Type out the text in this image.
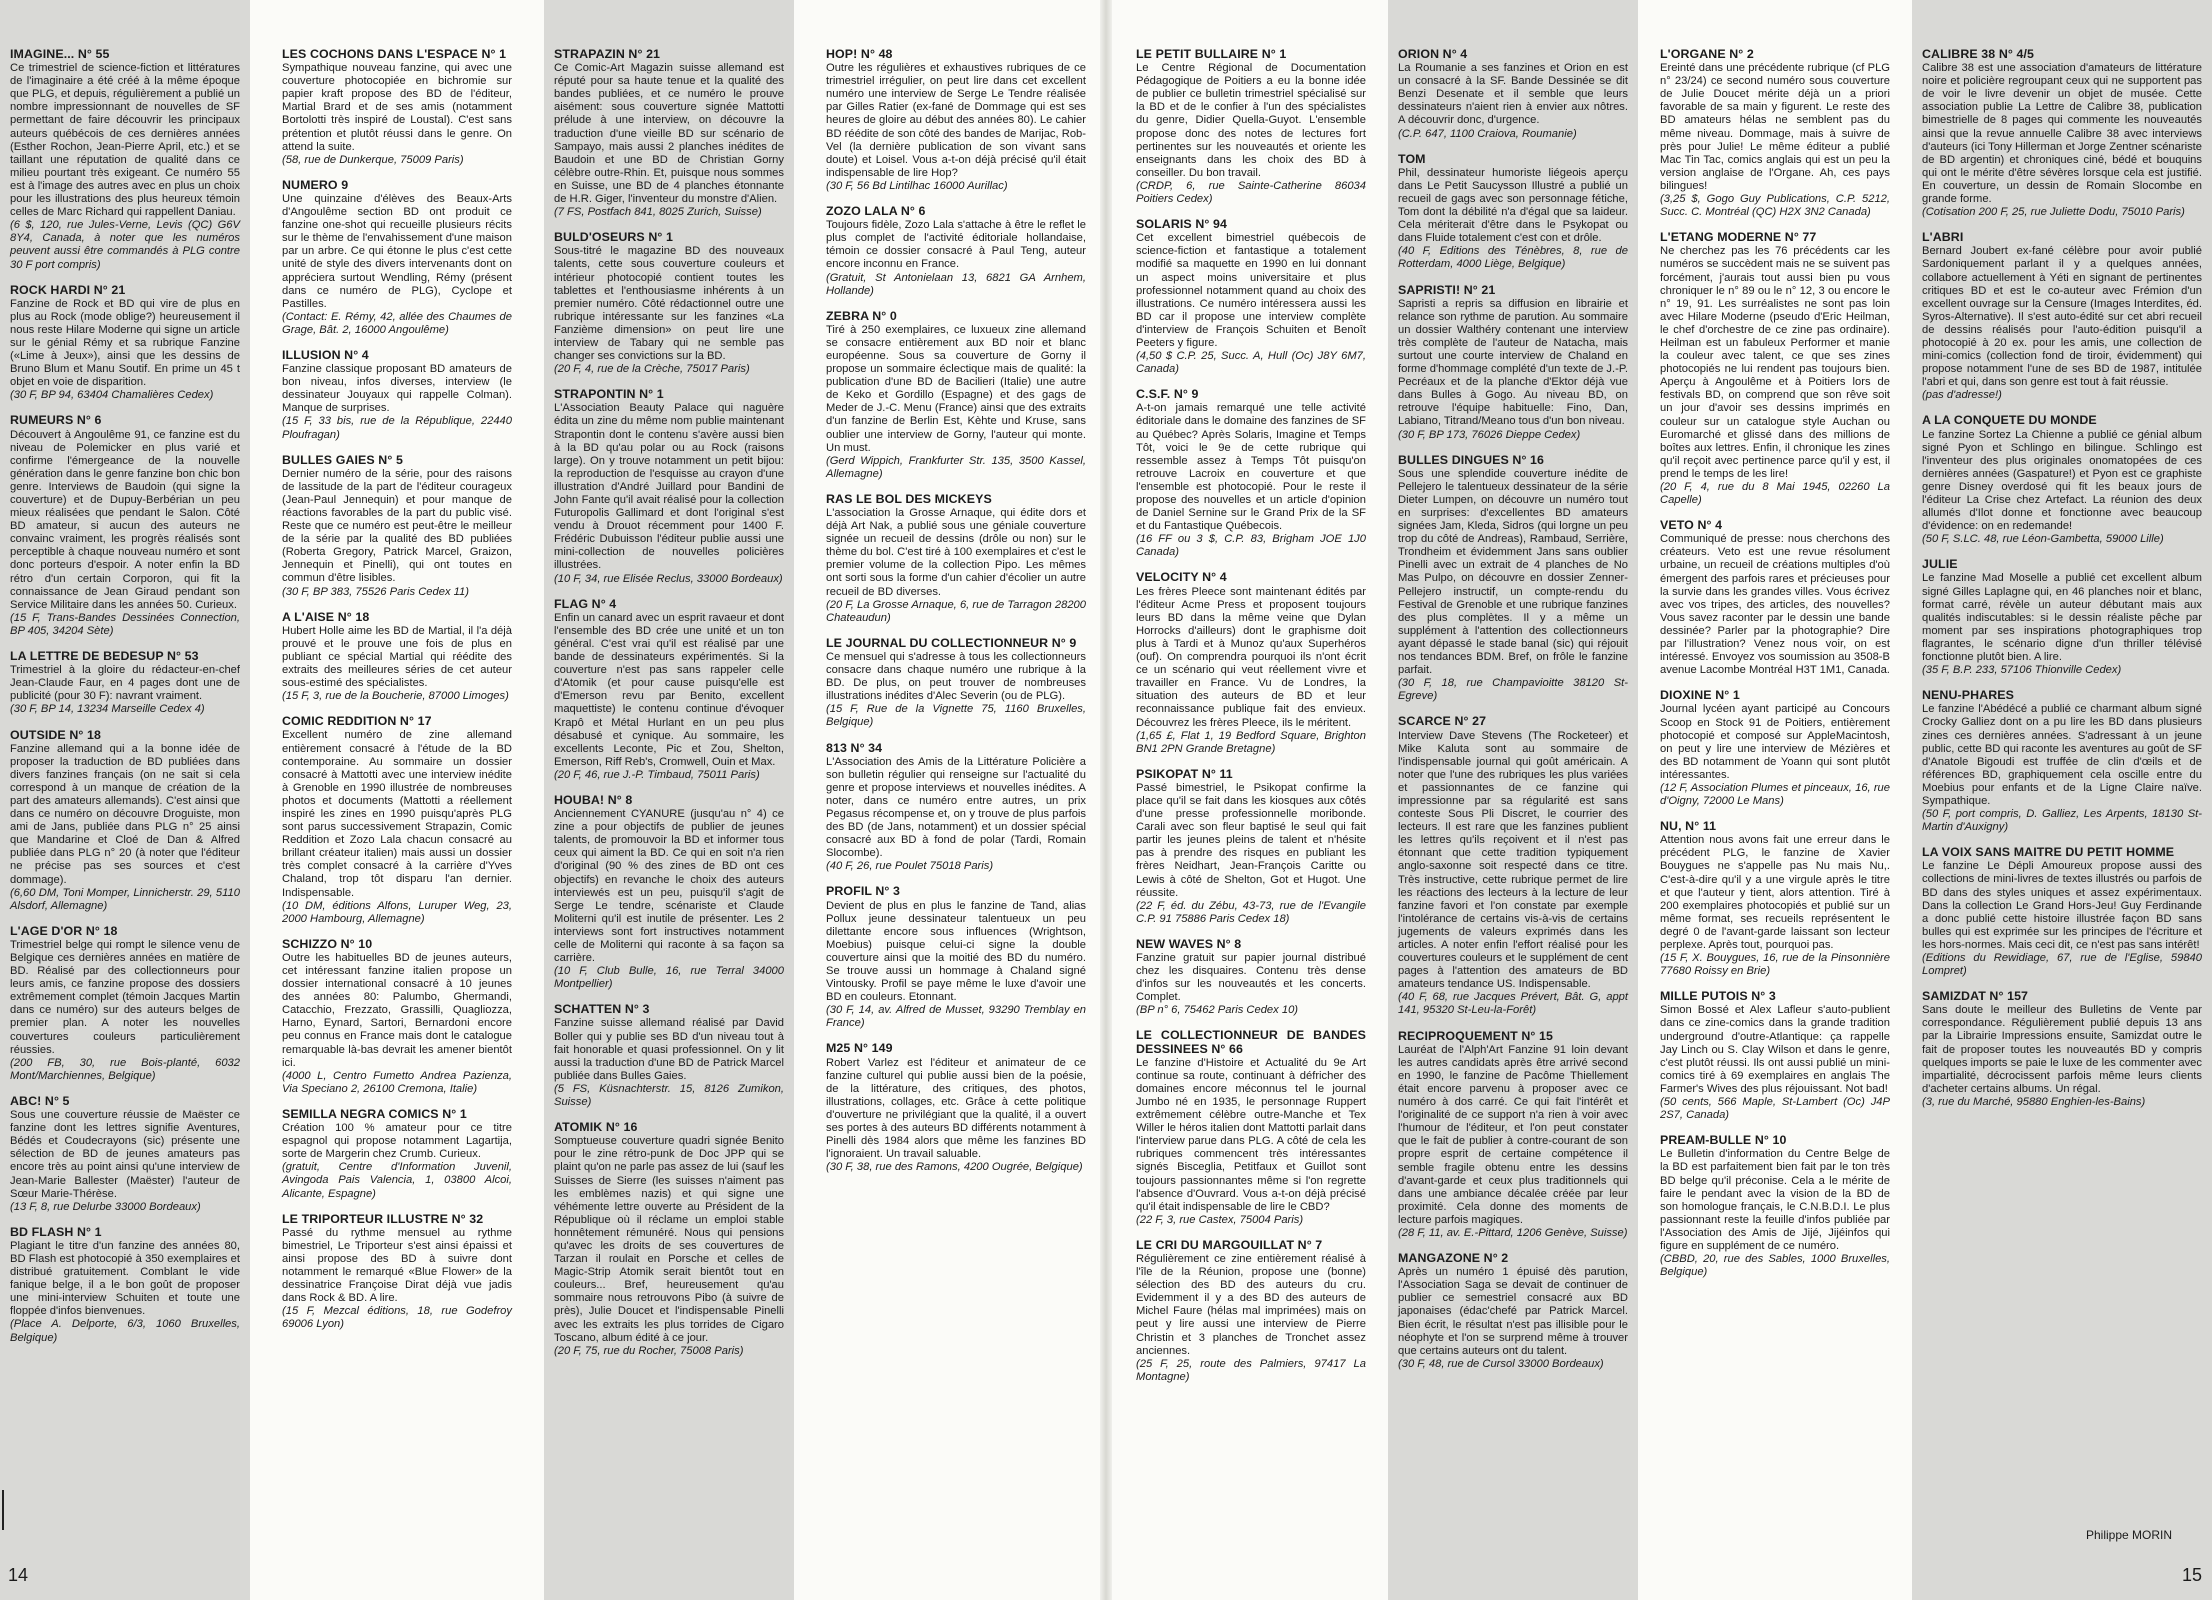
IMAGINE... N° 55
Ce trimestriel de science-fiction et littératures de l'imaginaire a été créé à la même époque que PLG, et depuis, régulièrement a publié un nombre impressionnant de nouvelles de SF permettant de faire découvrir les principaux auteurs québécois de ces dernières années (Esther Rochon, Jean-Pierre April, etc.) et se taillant une réputation de qualité dans ce milieu pourtant très exigeant. Ce numéro 55 est à l'image des autres avec en plus un choix pour les illustrations des plus heureux témoin celles de Marc Richard qui rappellent Daniau.
(6 $, 120, rue Jules-Verne, Levis (QC) G6V 8Y4, Canada, à noter que les numéros peuvent aussi être commandés à PLG contre 30 F port compris)
ROCK HARDI N° 21
Fanzine de Rock et BD qui vire de plus en plus au Rock (mode oblige?) heureusement il nous reste Hilare Moderne qui signe un article sur le génial Rémy et sa rubrique Fanzine («Lime à Jeux»), ainsi que les dessins de Bruno Blum et Manu Soutif. En prime un 45 t objet en voie de disparition.
(30 F, BP 94, 63404 Chamalières Cedex)
RUMEURS N° 6
Découvert à Angoulême 91, ce fanzine est du niveau de Polemicker en plus varié et confirme l'émergeance de la nouvelle génération dans le genre fanzine bon chic bon genre. Interviews de Baudoin (qui signe la couverture) et de Dupuy-Berbérian un peu mieux réalisées que pendant le Salon. Côté BD amateur, si aucun des auteurs ne convainc vraiment, les progrès réalisés sont perceptible à chaque nouveau numéro et sont donc porteurs d'espoir. A noter enfin la BD rétro d'un certain Corporon, qui fit la connaissance de Jean Giraud pendant son Service Militaire dans les années 50. Curieux.
(15 F, Trans-Bandes Dessinées Connection, BP 405, 34204 Sète)
LA LETTRE DE BEDESUP N° 53
Trimestriel à la gloire du rédacteur-en-chef Jean-Claude Faur, en 4 pages dont une de publicité (pour 30 F): navrant vraiment.
(30 F, BP 14, 13234 Marseille Cedex 4)
OUTSIDE N° 18
Fanzine allemand qui a la bonne idée de proposer la traduction de BD publiées dans divers fanzines français (on ne sait si cela correspond à un manque de création de la part des amateurs allemands). C'est ainsi que dans ce numéro on découvre Droguiste, mon ami de Jans, publiée dans PLG n° 25 ainsi que Mandarine et Cloé de Dan & Alfred publiée dans PLG n° 20 (à noter que l'éditeur ne précise pas ses sources et c'est dommage).
(6,60 DM, Toni Momper, Linnicherstr. 29, 5110 Alsdorf, Allemagne)
L'AGE D'OR N° 18
Trimestriel belge qui rompt le silence venu de Belgique ces dernières années en matière de BD. Réalisé par des collectionneurs pour leurs amis, ce fanzine propose des dossiers extrêmement complet (témoin Jacques Martin dans ce numéro) sur des auteurs belges de premier plan. A noter les nouvelles couvertures couleurs particulièrement réussies.
(200 FB, 30, rue Bois-planté, 6032 Mont/Marchiennes, Belgique)
ABC! N° 5
Sous une couverture réussie de Maëster ce fanzine dont les lettres signifie Aventures, Bédés et Coudecrayons (sic) présente une sélection de BD de jeunes amateurs pas encore très au point ainsi qu'une interview de Jean-Marie Ballester (Maëster) l'auteur de Sœur Marie-Thérèse.
(13 F, 8, rue Delurbe 33000 Bordeaux)
BD FLASH N° 1
Plagiant le titre d'un fanzine des années 80, BD Flash est photocopié à 350 exemplaires et distribué gratuitement. Comblant le vide fanique belge, il a le bon goût de proposer une mini-interview Schuiten et toute une floppée d'infos bienvenues.
(Place A. Delporte, 6/3, 1060 Bruxelles, Belgique)
LES COCHONS DANS L'ESPACE N° 1
Sympathique nouveau fanzine, qui avec une couverture photocopiée en bichromie sur papier kraft propose des BD de l'éditeur, Martial Brard et de ses amis (notamment Bortolotti très inspiré de Loustal). C'est sans prétention et plutôt réussi dans le genre. On attend la suite.
(58, rue de Dunkerque, 75009 Paris)
NUMERO 9
Une quinzaine d'élèves des Beaux-Arts d'Angoulême section BD ont produit ce fanzine one-shot qui recueille plusieurs récits sur le thème de l'envahissement d'une maison par un arbre. Ce qui étonne le plus c'est cette unité de style des divers intervenants dont on appréciera surtout Wendling, Rémy (présent dans ce numéro de PLG), Cyclope et Pastilles.
(Contact: E. Rémy, 42, allée des Chaumes de Grage, Bât. 2, 16000 Angoulême)
ILLUSION N° 4
Fanzine classique proposant BD amateurs de bon niveau, infos diverses, interview (le dessinateur Jouyaux qui rappelle Colman). Manque de surprises.
(15 F, 33 bis, rue de la République, 22440 Ploufragan)
BULLES GAIES N° 5
Dernier numéro de la série, pour des raisons de lassitude de la part de l'éditeur courageux (Jean-Paul Jennequin) et pour manque de réactions favorables de la part du public visé. Reste que ce numéro est peut-être le meilleur de la série par la qualité des BD publiées (Roberta Gregory, Patrick Marcel, Graizon, Jennequin et Pinelli), qui ont toutes en commun d'être lisibles.
(30 F, BP 383, 75526 Paris Cedex 11)
A L'AISE N° 18
Hubert Holle aime les BD de Martial, il l'a déjà prouvé et le prouve une fois de plus en publiant ce spécial Martial qui réédite des extraits des meilleures séries de cet auteur sous-estimé des spécialistes.
(15 F, 3, rue de la Boucherie, 87000 Limoges)
COMIC REDDITION N° 17
Excellent numéro de zine allemand entièrement consacré à l'étude de la BD contemporaine. Au sommaire un dossier consacré à Mattotti avec une interview inédite à Grenoble en 1990 illustrée de nombreuses photos et documents (Mattotti a réellement inspiré les zines en 1990 puisqu'après PLG sont parus successivement Strapazin, Comic Reddition et Zozo Lala chacun consacré au brillant créateur italien) mais aussi un dossier très complet consacré à la carrière d'Yves Chaland, trop tôt disparu l'an dernier. Indispensable.
(10 DM, éditions Alfons, Luruper Weg, 23, 2000 Hambourg, Allemagne)
SCHIZZO N° 10
Outre les habituelles BD de jeunes auteurs, cet intéressant fanzine italien propose un dossier international consacré à 10 jeunes des années 80: Palumbo, Ghermandi, Catacchio, Frezzato, Grassilli, Quagliozza, Harno, Eynard, Sartori, Bernardoni encore peu connus en France mais dont le catalogue remarquable là-bas devrait les amener bientôt ici.
(4000 L, Centro Fumetto Andrea Pazienza, Via Speciano 2, 26100 Cremona, Italie)
SEMILLA NEGRA COMICS N° 1
Création 100 % amateur pour ce titre espagnol qui propose notamment Lagartija, sorte de Margerin chez Crumb. Curieux.
(gratuit, Centre d'Information Juvenil, Avingoda Pais Valencia, 1, 03800 Alcoi, Alicante, Espagne)
LE TRIPORTEUR ILLUSTRE N° 32
Passé du rythme mensuel au rythme bimestriel, Le Triporteur s'est ainsi épaissi et ainsi propose des BD à suivre dont notamment le remarqué «Blue Flower» de la dessinatrice Françoise Dirat déjà vue jadis dans Rock & BD. A lire.
(15 F, Mezcal éditions, 18, rue Godefroy 69006 Lyon)
STRAPAZIN N° 21
Ce Comic-Art Magazin suisse allemand est réputé pour sa haute tenue et la qualité des bandes publiées, et ce numéro le prouve aisément: sous couverture signée Mattotti prélude à une interview, on découvre la traduction d'une vieille BD sur scénario de Sampayo, mais aussi 2 planches inédites de Baudoin et une BD de Christian Gorny célèbre outre-Rhin. Et, puisque nous sommes en Suisse, une BD de 4 planches étonnante de H.R. Giger, l'inventeur du monstre d'Alien.
(7 FS, Postfach 841, 8025 Zurich, Suisse)
BULD'OSEURS N° 1
Sous-titré le magazine BD des nouveaux talents, cette sous couverture couleurs et intérieur photocopié contient toutes les tablettes et l'enthousiasme inhérents à un premier numéro. Côté rédactionnel outre une rubrique intéressante sur les fanzines «La Fanzième dimension» on peut lire une interview de Tabary qui ne semble pas changer ses convictions sur la BD.
(20 F, 4, rue de la Crèche, 75017 Paris)
STRAPONTIN N° 1
L'Association Beauty Palace qui naguère édita un zine du même nom publie maintenant Strapontin dont le contenu s'avère aussi bien à la BD qu'au polar ou au Rock (raisons large). On y trouve notamment un petit bijou: la reproduction de l'esquisse au crayon d'une illustration d'André Juillard pour Bandini de John Fante qu'il avait réalisé pour la collection Futuropolis Gallimard et dont l'original s'est vendu à Drouot récemment pour 1400 F. Frédéric Dubuisson l'éditeur publie aussi une mini-collection de nouvelles policières illustrées.
(10 F, 34, rue Elisée Reclus, 33000 Bordeaux)
FLAG N° 4
Enfin un canard avec un esprit ravaeur et dont l'ensemble des BD crée une unité et un ton général. C'est vrai qu'il est réalisé par une bande de dessinateurs expérimentés. Si la couverture n'est pas sans rappeler celle d'Atomik (et pour cause puisqu'elle est d'Emerson revu par Benito, excellent maquettiste) le contenu continue d'évoquer Krapô et Métal Hurlant en un peu plus désabusé et cynique. Au sommaire, les excellents Leconte, Pic et Zou, Shelton, Emerson, Riff Reb's, Cromwell, Ouin et Max.
(20 F, 46, rue J.-P. Timbaud, 75011 Paris)
HOUBA! N° 8
Anciennement CYANURE (jusqu'au n° 4) ce zine a pour objectifs de publier de jeunes talents, de promouvoir la BD et informer tous ceux qui aiment la BD. Ce qui en soit n'a rien d'original (90 % des zines de BD ont ces objectifs) en revanche le choix des auteurs interviewés est un peu, puisqu'il s'agit de Serge Le tendre, scénariste et Claude Moliterni qu'il est inutile de présenter. Les 2 interviews sont fort instructives notamment celle de Moliterni qui raconte à sa façon sa carrière.
(10 F, Club Bulle, 16, rue Terral 34000 Montpellier)
SCHATTEN N° 3
Fanzine suisse allemand réalisé par David Boller qui y publie ses BD d'un niveau tout à fait honorable et quasi professionnel. On y lit aussi la traduction d'une BD de Patrick Marcel publiée dans Bulles Gaies.
(5 FS, Küsnachterstr. 15, 8126 Zumikon, Suisse)
ATOMIK N° 16
Somptueuse couverture quadri signée Benito pour le zine rétro-punk de Doc JPP qui se plaint qu'on ne parle pas assez de lui (sauf les Suisses de Sierre (les suisses n'aiment pas les emblèmes nazis) et qui signe une véhémente lettre ouverte au Président de la République où il réclame un emploi stable honnêtement rémunéré. Nous qui pensions qu'avec les droits de ses couvertures de Tarzan il roulait en Porsche et celles de Magic-Strip Atomik serait bientôt tout en couleurs... Bref, heureusement qu'au sommaire nous retrouvons Pibo (à suivre de près), Julie Doucet et l'indispensable Pinelli avec les extraits les plus torrides de Cigaro Toscano, album édité à ce jour.
(20 F, 75, rue du Rocher, 75008 Paris)
HOP! N° 48
Outre les régulières et exhaustives rubriques de ce trimestriel irrégulier, on peut lire dans cet excellent numéro une interview de Serge Le Tendre réalisée par Gilles Ratier (ex-fané de Dommage qui est ses heures de gloire au début des années 80). Le cahier BD réédite de son côté des bandes de Marijac, Rob-Vel (la dernière publication de son vivant sans doute) et Loisel. Vous a-t-on déjà précisé qu'il était indispensable de lire Hop?
(30 F, 56 Bd Lintilhac 16000 Aurillac)
ZOZO LALA N° 6
Toujours fidèle, Zozo Lala s'attache à être le reflet le plus complet de l'activité éditoriale hollandaise, témoin ce dossier consacré à Paul Teng, auteur encore inconnu en France.
(Gratuit, St Antonielaan 13, 6821 GA Arnhem, Hollande)
ZEBRA N° 0
Tiré à 250 exemplaires, ce luxueux zine allemand se consacre entièrement aux BD noir et blanc européenne. Sous sa couverture de Gorny il propose un sommaire éclectique mais de qualité: la publication d'une BD de Bacilieri (Italie) une autre de Keko et Gordillo (Espagne) et des gags de Meder de J.-C. Menu (France) ainsi que des extraits d'un fanzine de Berlin Est, Kèhte und Kruse, sans oublier une interview de Gorny, l'auteur qui monte. Un must.
(Gerd Wippich, Frankfurter Str. 135, 3500 Kassel, Allemagne)
RAS LE BOL DES MICKEYS
L'association la Grosse Arnaque, qui édite dors et déjà Art Nak, a publié sous une géniale couverture signée un recueil de dessins (drôle ou non) sur le thème du bol. C'est tiré à 100 exemplaires et c'est le premier volume de la collection Pipo. Les mêmes ont sorti sous la forme d'un cahier d'écolier un autre recueil de BD diverses.
(20 F, La Grosse Arnaque, 6, rue de Tarragon 28200 Chateaudun)
LE JOURNAL DU COLLECTIONNEUR N° 9
Ce mensuel qui s'adresse à tous les collectionneurs consacre dans chaque numéro une rubrique à la BD. De plus, on peut trouver de nombreuses illustrations inédites d'Alec Severin (ou de PLG).
(15 F, Rue de la Vignette 75, 1160 Bruxelles, Belgique)
813 N° 34
L'Association des Amis de la Littérature Policière a son bulletin régulier qui renseigne sur l'actualité du genre et propose interviews et nouvelles inédites. A noter, dans ce numéro entre autres, un prix Pegasus récompense et, on y trouve de plus parfois des BD (de Jans, notamment) et un dossier spécial consacré aux BD à fond de polar (Tardi, Romain Slocombe).
(40 F, 26, rue Poulet 75018 Paris)
PROFIL N° 3
Devient de plus en plus le fanzine de Tand, alias Pollux jeune dessinateur talentueux un peu dilettante encore sous influences (Wrightson, Moebius) puisque celui-ci signe la double couverture ainsi que la moitié des BD du numéro. Se trouve aussi un hommage à Chaland signé Vintousky. Profil se paye même le luxe d'avoir une BD en couleurs. Etonnant.
(30 F, 14, av. Alfred de Musset, 93290 Tremblay en France)
M25 N° 149
Robert Varlez est l'éditeur et animateur de ce fanzine culturel qui publie aussi bien de la poésie, de la littérature, des critiques, des photos, illustrations, collages, etc. Grâce à cette politique d'ouverture ne privilégiant que la qualité, il a ouvert ses portes à des auteurs BD différents notamment à Pinelli dès 1984 alors que même les fanzines BD l'ignoraient. Un travail saluable.
(30 F, 38, rue des Ramons, 4200 Ougrée, Belgique)
14
LE PETIT BULLAIRE N° 1
Le Centre Régional de Documentation Pédagogique de Poitiers a eu la bonne idée de publier ce bulletin trimestriel spécialisé sur la BD et de le confier à l'un des spécialistes du genre, Didier Quella-Guyot. L'ensemble propose donc des notes de lectures fort pertinentes sur les nouveautés et oriente les enseignants dans les choix des BD à conseiller. Du bon travail.
(CRDP, 6, rue Sainte-Catherine 86034 Poitiers Cedex)
SOLARIS N° 94
Cet excellent bimestriel québecois de science-fiction et fantastique a totalement modifié sa maquette en 1990 en lui donnant un aspect moins universitaire et plus professionnel notamment quand au choix des illustrations. Ce numéro intéressera aussi les BD car il propose une interview complète d'interview de François Schuiten et Benoît Peeters y figure.
(4,50 $ C.P. 25, Succ. A, Hull (Oc) J8Y 6M7, Canada)
C.S.F. N° 9
A-t-on jamais remarqué une telle activité éditoriale dans le domaine des fanzines de SF au Québec? Après Solaris, Imagine et Temps Tôt, voici le 9e de cette rubrique qui ressemble assez à Temps Tôt puisqu'on retrouve Lacroix en couverture et que l'ensemble est photocopié. Pour le reste il propose des nouvelles et un article d'opinion de Daniel Sernine sur le Grand Prix de la SF et du Fantastique Québecois.
(16 FF ou 3 $, C.P. 83, Brigham JOE 1J0 Canada)
VELOCITY N° 4
Les frères Pleece sont maintenant édités par l'éditeur Acme Press et proposent toujours leurs BD dans la même veine que Dylan Horrocks d'ailleurs) dont le graphisme doit plus à Tardi et à Munoz qu'aux Superhéros (ouf). On comprendra pourquoi ils n'ont écrit ce un scénario qui veut réellement vivre et travailler en France. Vu de Londres, la situation des auteurs de BD et leur reconnaissance publique fait des envieux. Découvrez les frères Pleece, ils le méritent.
(1,65 £, Flat 1, 19 Bedford Square, Brighton BN1 2PN Grande Bretagne)
PSIKOPAT N° 11
Passé bimestriel, le Psikopat confirme la place qu'il se fait dans les kiosques aux côtés d'une presse professionnelle moribonde. Carali avec son fleur baptisé le seul qui fait partir les jeunes pleins de talent et n'hésite pas à prendre des risques en publiant les frères Neidhart, Jean-François Caritte ou Lewis à côté de Shelton, Got et Hugot. Une réussite.
(22 F, éd. du Zébu, 43-73, rue de l'Evangile C.P. 91 75886 Paris Cedex 18)
NEW WAVES N° 8
Fanzine gratuit sur papier journal distribué chez les disquaires. Contenu très dense d'infos sur les nouveautés et les concerts. Complet.
(BP n° 6, 75462 Paris Cedex 10)
LE COLLECTIONNEUR DE BANDES DESSINEES N° 66
Le fanzine d'Histoire et Actualité du 9e Art continue sa route, continuant à défricher des domaines encore méconnus tel le journal Jumbo né en 1935, le personnage Ruppert extrêmement célèbre outre-Manche et Tex Willer le héros italien dont Mattotti parlait dans l'interview parue dans PLG. A côté de cela les rubriques commencent très intéressantes signés Bisceglia, Petitfaux et Guillot sont toujours passionnantes même si l'on regrette l'absence d'Ouvrard. Vous a-t-on déjà précisé qu'il était indispensable de lire le CBD?
(22 F, 3, rue Castex, 75004 Paris)
LE CRI DU MARGOUILLAT N° 7
Régulièrement ce zine entièrement réalisé à l'île de la Réunion, propose une (bonne) sélection des BD des auteurs du cru. Evidemment il y a des BD des auteurs de Michel Faure (hélas mal imprimées) mais on peut y lire aussi une interview de Pierre Christin et 3 planches de Tronchet assez anciennes.
(25 F, 25, route des Palmiers, 97417 La Montagne)
ORION N° 4
La Roumanie a ses fanzines et Orion en est un consacré à la SF. Bande Dessinée se dit Benzi Desenate et il semble que leurs dessinateurs n'aient rien à envier aux nôtres. A découvrir donc, d'urgence.
(C.P. 647, 1100 Craiova, Roumanie)
TOM
Phil, dessinateur humoriste liégeois aperçu dans Le Petit Saucysson Illustré a publié un recueil de gags avec son personnage fétiche, Tom dont la débilité n'a d'égal que sa laideur. Cela mériterait d'être dans le Psykopat ou dans Fluide totalement c'est con et drôle.
(40 F, Editions des Ténèbres, 8, rue de Rotterdam, 4000 Liège, Belgique)
SAPRISTI! N° 21
Sapristi a repris sa diffusion en librairie et relance son rythme de parution. Au sommaire un dossier Walthéry contenant une interview très complète de l'auteur de Natacha, mais surtout une courte interview de Chaland en forme d'hommage complété d'un texte de J.-P. Pecréaux et de la planche d'Ektor déjà vue dans Bulles à Gogo. Au niveau BD, on retrouve l'équipe habituelle: Fino, Dan, Labiano, Titrand/Meano tous d'un bon niveau.
(30 F, BP 173, 76026 Dieppe Cedex)
BULLES DINGUES N° 16
Sous une splendide couverture inédite de Pellejero le talentueux dessinateur de la série Dieter Lumpen, on découvre un numéro tout en surprises: d'excellentes BD amateurs signées Jam, Kleda, Sidros (qui lorgne un peu trop du côté de Andreas), Rambaud, Serrière, Trondheim et évidemment Jans sans oublier Pinelli avec un extrait de 4 planches de No Mas Pulpo, on découvre en dossier Zenner-Pellejero instructif, un compte-rendu du Festival de Grenoble et une rubrique fanzines des plus complètes. Il y a même un supplément à l'attention des collectionneurs ayant dépassé le stade banal (sic) qui réjouit nos tendances BDM. Bref, on frôle le fanzine parfait.
(30 F, 18, rue Champavioitte 38120 St-Egreve)
SCARCE N° 27
Interview Dave Stevens (The Rocketeer) et Mike Kaluta sont au sommaire de l'indispensable journal qui goût américain. A noter que l'une des rubriques les plus variées et passionnantes de ce fanzine qui impressionne par sa régularité est sans conteste Sous Pli Discret, le courrier des lecteurs. Il est rare que les fanzines publient les lettres qu'ils reçoivent et il n'est pas étonnant que cette tradition typiquement anglo-saxonne soit respecté dans ce titre. Très instructive, cette rubrique permet de lire les réactions des lecteurs à la lecture de leur fanzine favori et l'on constate par exemple l'intolérance de certains vis-à-vis de certains jugements de valeurs exprimés dans les articles. A noter enfin l'effort réalisé pour les couvertures couleurs et le supplément de cent pages à l'attention des amateurs de BD amateurs tendance US. Indispensable.
(40 F, 68, rue Jacques Prévert, Bât. G, appt 141, 95320 St-Leu-la-Forêt)
RECIPROQUEMENT N° 15
Lauréat de l'Alph'Art Fanzine 91 loin devant les autres candidats après être arrivé second en 1990, le fanzine de Pacôme Thiellement était encore parvenu à proposer avec ce numéro à dos carré. Ce qui fait l'intérêt et l'originalité de ce support n'a rien à voir avec l'humour de l'éditeur, et l'on peut constater que le fait de publier à contre-courant de son propre esprit de certaine compétence il semble fragile obtenu entre les dessins d'avant-garde et ceux plus traditionnels qui dans une ambiance décalée créée par leur proximité. Cela donne des moments de lecture parfois magiques.
(28 F, 11, av. E.-Pittard, 1206 Genève, Suisse)
MANGAZONE N° 2
Après un numéro 1 épuisé dès parution, l'Association Saga se devait de continuer de publier ce semestriel consacré aux BD japonaises (édac'chefé par Patrick Marcel. Bien écrit, le résultat n'est pas illisible pour le néophyte et l'on se surprend même à trouver que certains auteurs ont du talent.
(30 F, 48, rue de Cursol 33000 Bordeaux)
L'ORGANE N° 2
Ereinté dans une précédente rubrique (cf PLG n° 23/24) ce second numéro sous couverture de Julie Doucet mérite déjà un a priori favorable de sa main y figurent. Le reste des BD amateurs hélas ne semblent pas du même niveau. Dommage, mais à suivre de près pour Julie! Le même éditeur a publié Mac Tin Tac, comics anglais qui est un peu la version anglaise de l'Organe. Ah, ces pays bilingues!
(3,25 $, Gogo Guy Publications, C.P. 5212, Succ. C. Montréal (QC) H2X 3N2 Canada)
L'ETANG MODERNE N° 77
Ne cherchez pas les 76 précédents car les numéros se succèdent mais ne se suivent pas forcément, j'aurais tout aussi bien pu vous chroniquer le n° 89 ou le n° 12, 3 ou encore le n° 19, 91. Les surréalistes ne sont pas loin avec Hilare Moderne (pseudo d'Eric Heilman, le chef d'orchestre de ce zine pas ordinaire). Heilman est un fabuleux Performer et manie la couleur avec talent, ce que ses zines photocopiés ne lui rendent pas toujours bien. Aperçu à Angoulême et à Poitiers lors de festivals BD, on comprend que son rêve soit un jour d'avoir ses dessins imprimés en couleur sur un catalogue style Auchan ou Euromarché et glissé dans des millions de boîtes aux lettres. Enfin, il chronique les zines qu'il reçoit avec pertinence parce qu'il y est, il prend le temps de les lire!
(20 F, 4, rue du 8 Mai 1945, 02260 La Capelle)
VETO N° 4
Communiqué de presse: nous cherchons des créateurs. Veto est une revue résolument urbaine, un recueil de créations multiples d'où émergent des parfois rares et précieuses pour la survie dans les grandes villes. Vous écrivez avec vos tripes, des articles, des nouvelles? Vous savez raconter par le dessin une bande dessinée? Parler par la photographie? Dire par l'illustration? Venez nous voir, on est intéressé. Envoyez vos soumission au 3508-B avenue Lacombe Montréal H3T 1M1, Canada.
DIOXINE N° 1
Journal lycéen ayant participé au Concours Scoop en Stock 91 de Poitiers, entièrement photocopié et composé sur AppleMacintosh, on peut y lire une interview de Mézières et des BD notamment de Yoann qui sont plutôt intéressantes.
(12 F, Association Plumes et pinceaux, 16, rue d'Oigny, 72000 Le Mans)
NU, N° 11
Attention nous avons fait une erreur dans le précédent PLG, le fanzine de Xavier Bouygues ne s'appelle pas Nu mais Nu,. C'est-à-dire qu'il y a une virgule après le titre et que l'auteur y tient, alors attention. Tiré à 200 exemplaires photocopiés et publié sur un même format, ses recueils représentent le degré 0 de l'avant-garde laissant son lecteur perplexe. Après tout, pourquoi pas.
(15 F, X. Bouygues, 16, rue de la Pinsonnière 77680 Roissy en Brie)
MILLE PUTOIS N° 3
Simon Bossé et Alex Lafleur s'auto-publient dans ce zine-comics dans la grande tradition underground d'outre-Atlantique: ça rappelle Jay Linch ou S. Clay Wilson et dans le genre, c'est plutôt réussi. Ils ont aussi publié un mini-comics tiré à 69 exemplaires en anglais The Farmer's Wives des plus réjouissant. Not bad!
(50 cents, 566 Maple, St-Lambert (Oc) J4P 2S7, Canada)
PREAM-BULLE N° 10
Le Bulletin d'information du Centre Belge de la BD est parfaitement bien fait par le ton très BD belge qu'il préconise. Cela a le mérite de faire le pendant avec la vision de la BD de son homologue français, le C.N.B.D.I. Le plus passionnant reste la feuille d'infos publiée par l'Association des Amis de Jijé, Jijéinfos qui figure en supplément de ce numéro.
(CBBD, 20, rue des Sables, 1000 Bruxelles, Belgique)
CALIBRE 38 N° 4/5
Calibre 38 est une association d'amateurs de littérature noire et policière regroupant ceux qui ne supportent pas de voir le livre devenir un objet de musée. Cette association publie La Lettre de Calibre 38, publication bimestrielle de 8 pages qui commente les nouveautés ainsi que la revue annuelle Calibre 38 avec interviews d'auteurs (ici Tony Hillerman et Jorge Zentner scénariste de BD argentin) et chroniques ciné, bédé et bouquins qui ont le mérite d'être sévères lorsque cela est justifié. En couverture, un dessin de Romain Slocombe en grande forme.
(Cotisation 200 F, 25, rue Juliette Dodu, 75010 Paris)
L'ABRI
Bernard Joubert ex-fané célèbre pour avoir publié Sardoniquement parlant il y a quelques années, collabore actuellement à Yéti en signant de pertinentes critiques BD et est le co-auteur avec Frémion d'un excellent ouvrage sur la Censure (Images Interdites, éd. Syros-Alternative). Il s'est auto-édité sur cet abri recueil de dessins réalisés pour l'auto-édition puisqu'il a photocopié à 20 ex. pour les amis, une collection de mini-comics (collection fond de tiroir, évidemment) qui propose notamment l'une de ses BD de 1987, intitulée l'abri et qui, dans son genre est tout à fait réussie.
(pas d'adresse!)
A LA CONQUETE DU MONDE
Le fanzine Sortez La Chienne a publié ce génial album signé Pyon et Schlingo en bilingue. Schlingo est l'inventeur des plus originales onomatopées de ces dernières années (Gaspature!) et Pyon est ce graphiste genre Disney overdosé qui fit les beaux jours de l'éditeur La Crise chez Artefact. La réunion des deux allumés d'Ilot donne et fonctionne avec beaucoup d'évidence: on en redemande!
(50 F, S.LC. 48, rue Léon-Gambetta, 59000 Lille)
JULIE
Le fanzine Mad Moselle a publié cet excellent album signé Gilles Laplagne qui, en 46 planches noir et blanc, format carré, révèle un auteur débutant mais aux qualités indiscutables: si le dessin réaliste pêche par moment par ses inspirations photographiques trop flagrantes, le scénario digne d'un thriller télévisé fonctionne plutôt bien. A lire.
(35 F, B.P. 233, 57106 Thionville Cedex)
NENU-PHARES
Le fanzine l'Abédécé a publié ce charmant album signé Crocky Galliez dont on a pu lire les BD dans plusieurs zines ces dernières années. S'adressant à un jeune public, cette BD qui raconte les aventures au goût de SF d'Anatole Bigoudi est truffée de clin d'œils et de références BD, graphiquement cela oscille entre du Moebius pour enfants et de la Ligne Claire naïve. Sympathique.
(50 F, port compris, D. Galliez, Les Arpents, 18130 St-Martin d'Auxigny)
LA VOIX SANS MAITRE DU PETIT HOMME
Le fanzine Le Dépli Amoureux propose aussi des collections de mini-livres de textes illustrés ou parfois de BD dans des styles uniques et assez expérimentaux. Dans la collection Le Grand Hors-Jeu! Guy Ferdinande a donc publié cette histoire illustrée façon BD sans bulles qui est exprimée sur les principes de l'écriture et les hors-normes. Mais ceci dit, ce n'est pas sans intérêt!
(Editions du Rewidiage, 67, rue de l'Eglise, 59840 Lompret)
SAMIZDAT N° 157
Sans doute le meilleur des Bulletins de Vente par correspondance. Régulièrement publié depuis 13 ans par la Librairie Impressions ensuite, Samizdat outre le fait de proposer toutes les nouveautés BD y compris quelques imports se paie le luxe de les commenter avec impartialité, décrocissent parfois même leurs clients d'acheter certains albums. Un régal.
(3, rue du Marché, 95880 Enghien-les-Bains)
Philippe MORIN
15
